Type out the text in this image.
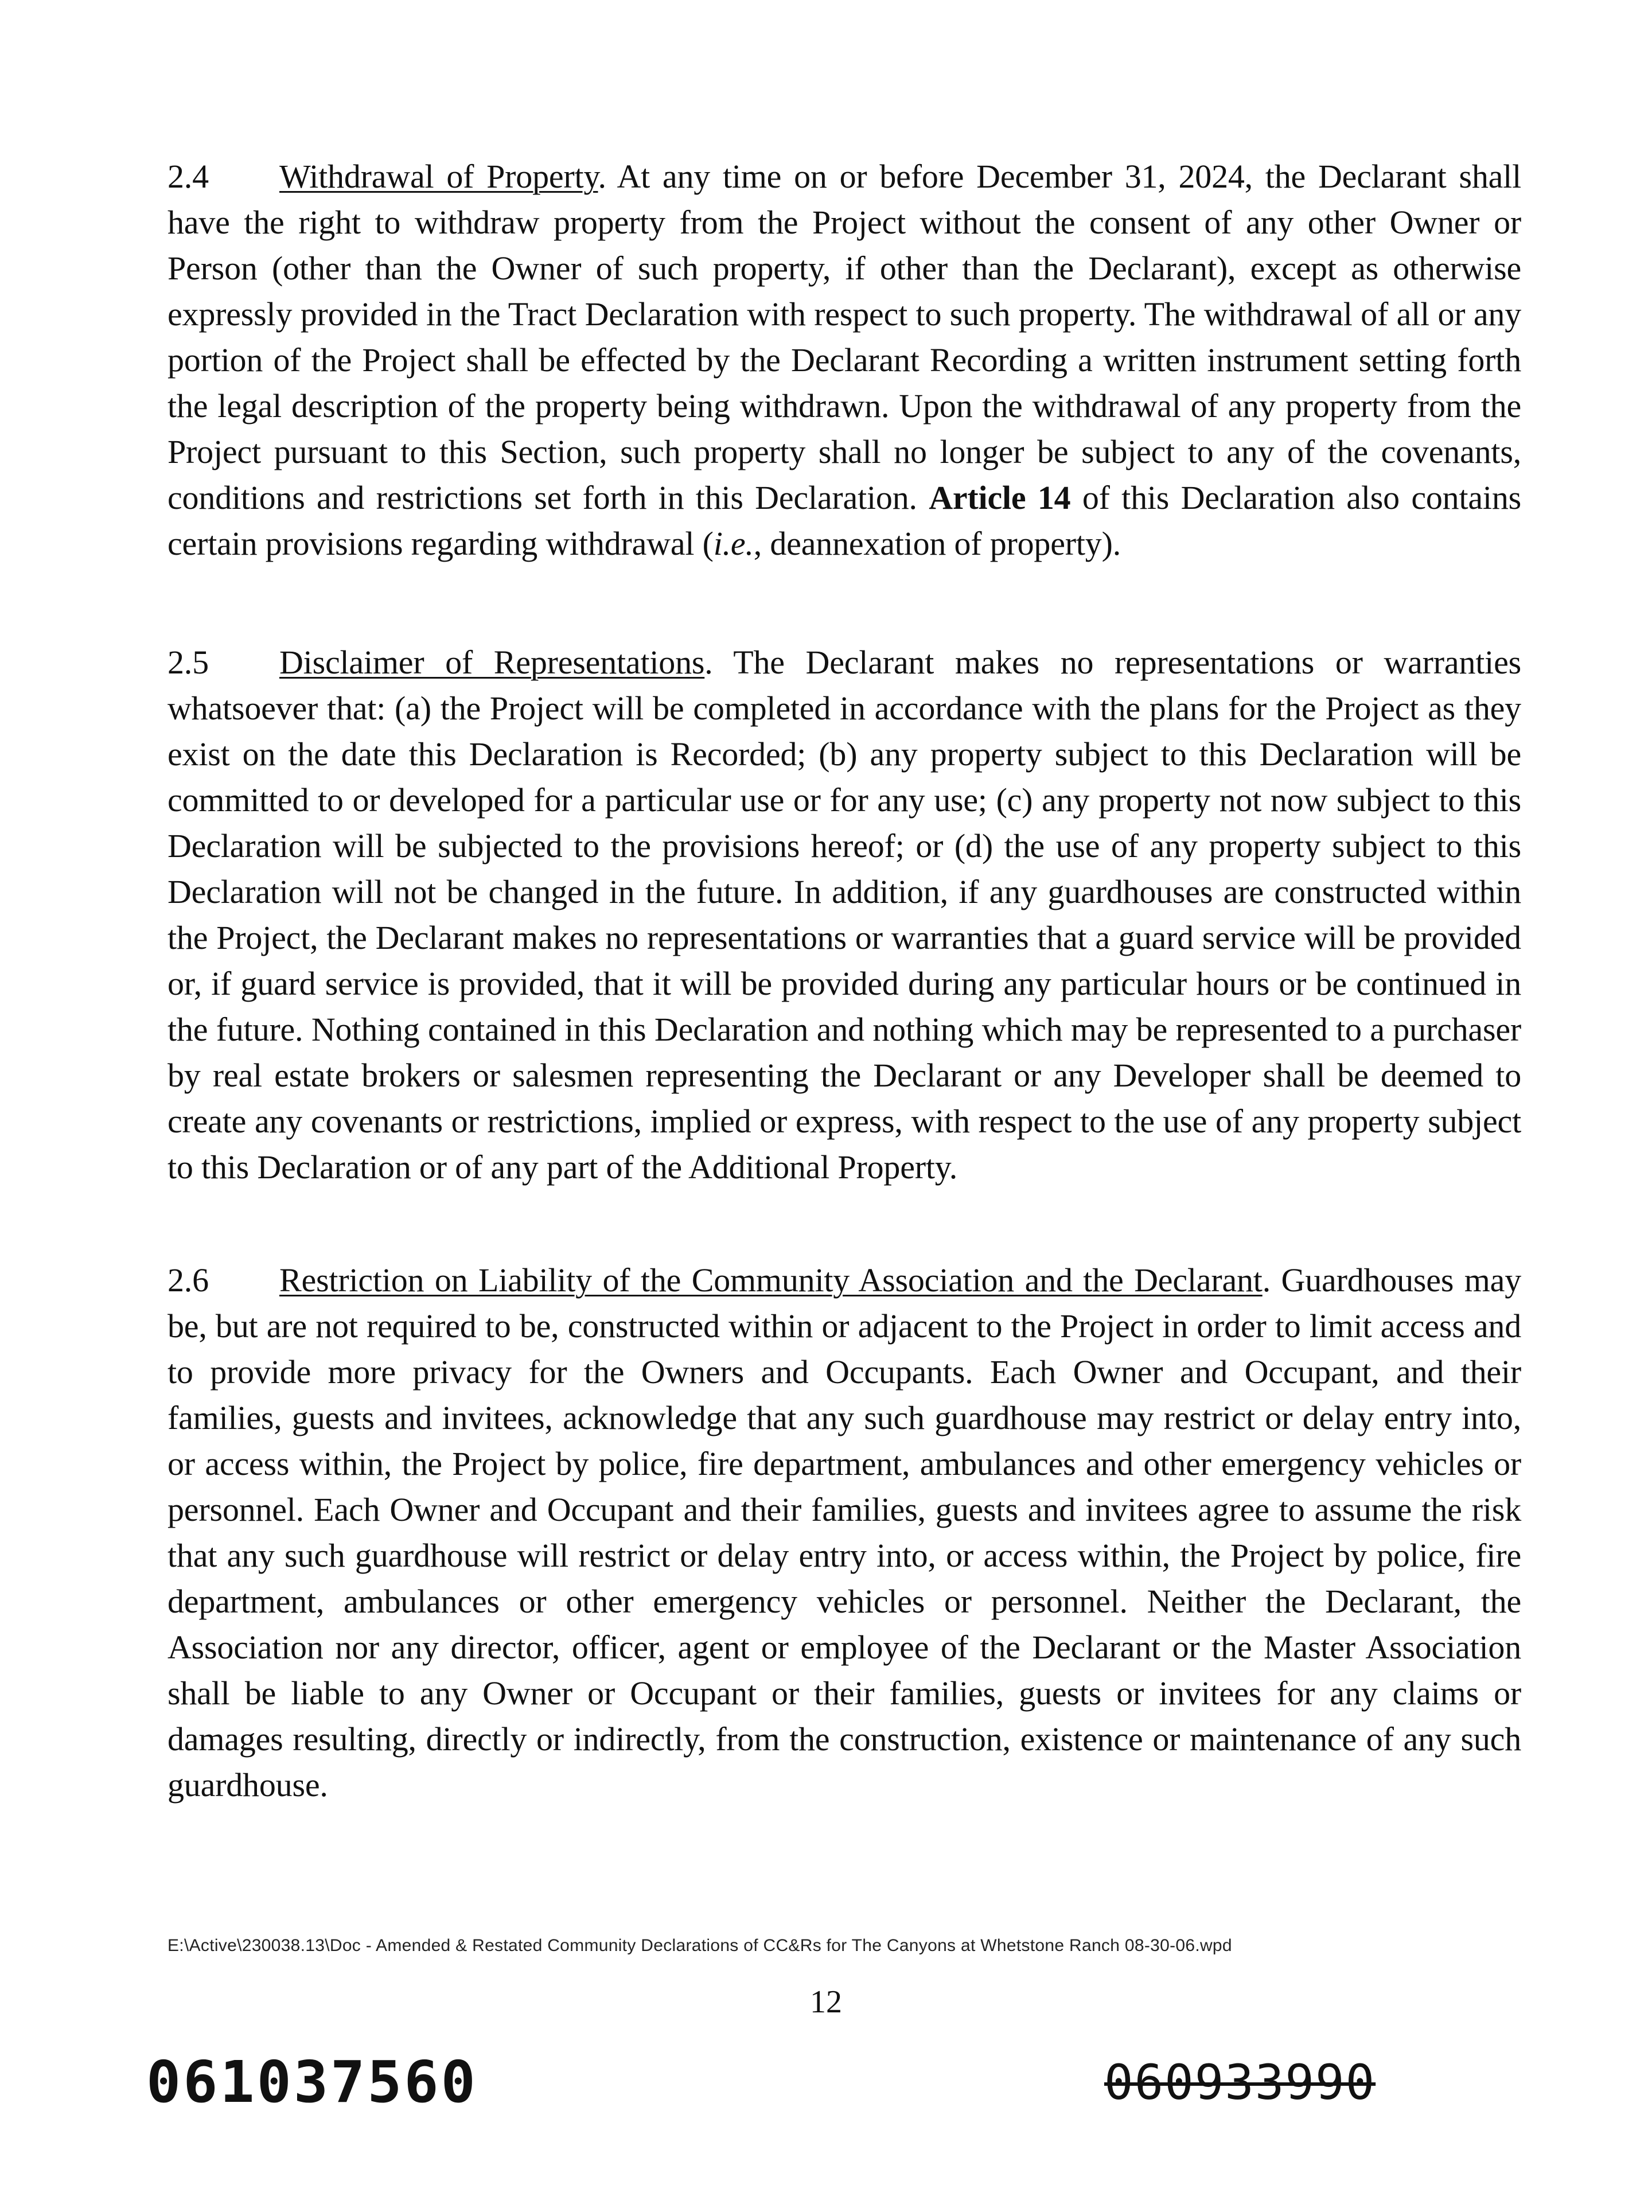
2.4 Withdrawal of Property. At any time on or before December 31, 2024, the Declarant shall have the right to withdraw property from the Project without the consent of any other Owner or Person (other than the Owner of such property, if other than the Declarant), except as otherwise expressly provided in the Tract Declaration with respect to such property. The withdrawal of all or any portion of the Project shall be effected by the Declarant Recording a written instrument setting forth the legal description of the property being withdrawn. Upon the withdrawal of any property from the Project pursuant to this Section, such property shall no longer be subject to any of the covenants, conditions and restrictions set forth in this Declaration. Article 14 of this Declaration also contains certain provisions regarding withdrawal (i.e., deannexation of property).

2.5 Disclaimer of Representations. The Declarant makes no representations or warranties whatsoever that: (a) the Project will be completed in accordance with the plans for the Project as they exist on the date this Declaration is Recorded; (b) any property subject to this Declaration will be committed to or developed for a particular use or for any use; (c) any property not now subject to this Declaration will be subjected to the provisions hereof; or (d) the use of any property subject to this Declaration will not be changed in the future. In addition, if any guardhouses are constructed within the Project, the Declarant makes no representations or warranties that a guard service will be provided or, if guard service is provided, that it will be provided during any particular hours or be continued in the future. Nothing contained in this Declaration and nothing which may be represented to a purchaser by real estate brokers or salesmen representing the Declarant or any Developer shall be deemed to create any covenants or restrictions, implied or express, with respect to the use of any property subject to this Declaration or of any part of the Additional Property.

2.6 Restriction on Liability of the Community Association and the Declarant. Guardhouses may be, but are not required to be, constructed within or adjacent to the Project in order to limit access and to provide more privacy for the Owners and Occupants. Each Owner and Occupant, and their families, guests and invitees, acknowledge that any such guardhouse may restrict or delay entry into, or access within, the Project by police, fire department, ambulances and other emergency vehicles or personnel. Each Owner and Occupant and their families, guests and invitees agree to assume the risk that any such guardhouse will restrict or delay entry into, or access within, the Project by police, fire department, ambulances or other emergency vehicles or personnel. Neither the Declarant, the Association nor any director, officer, agent or employee of the Declarant or the Master Association shall be liable to any Owner or Occupant or their families, guests or invitees for any claims or damages resulting, directly or indirectly, from the construction, existence or maintenance of any such guardhouse.

E:\Active\230038.13\Doc - Amended & Restated Community Declarations of CC&Rs for The Canyons at Whetstone Ranch 08-30-06.wpd
12
061037560	060933990
